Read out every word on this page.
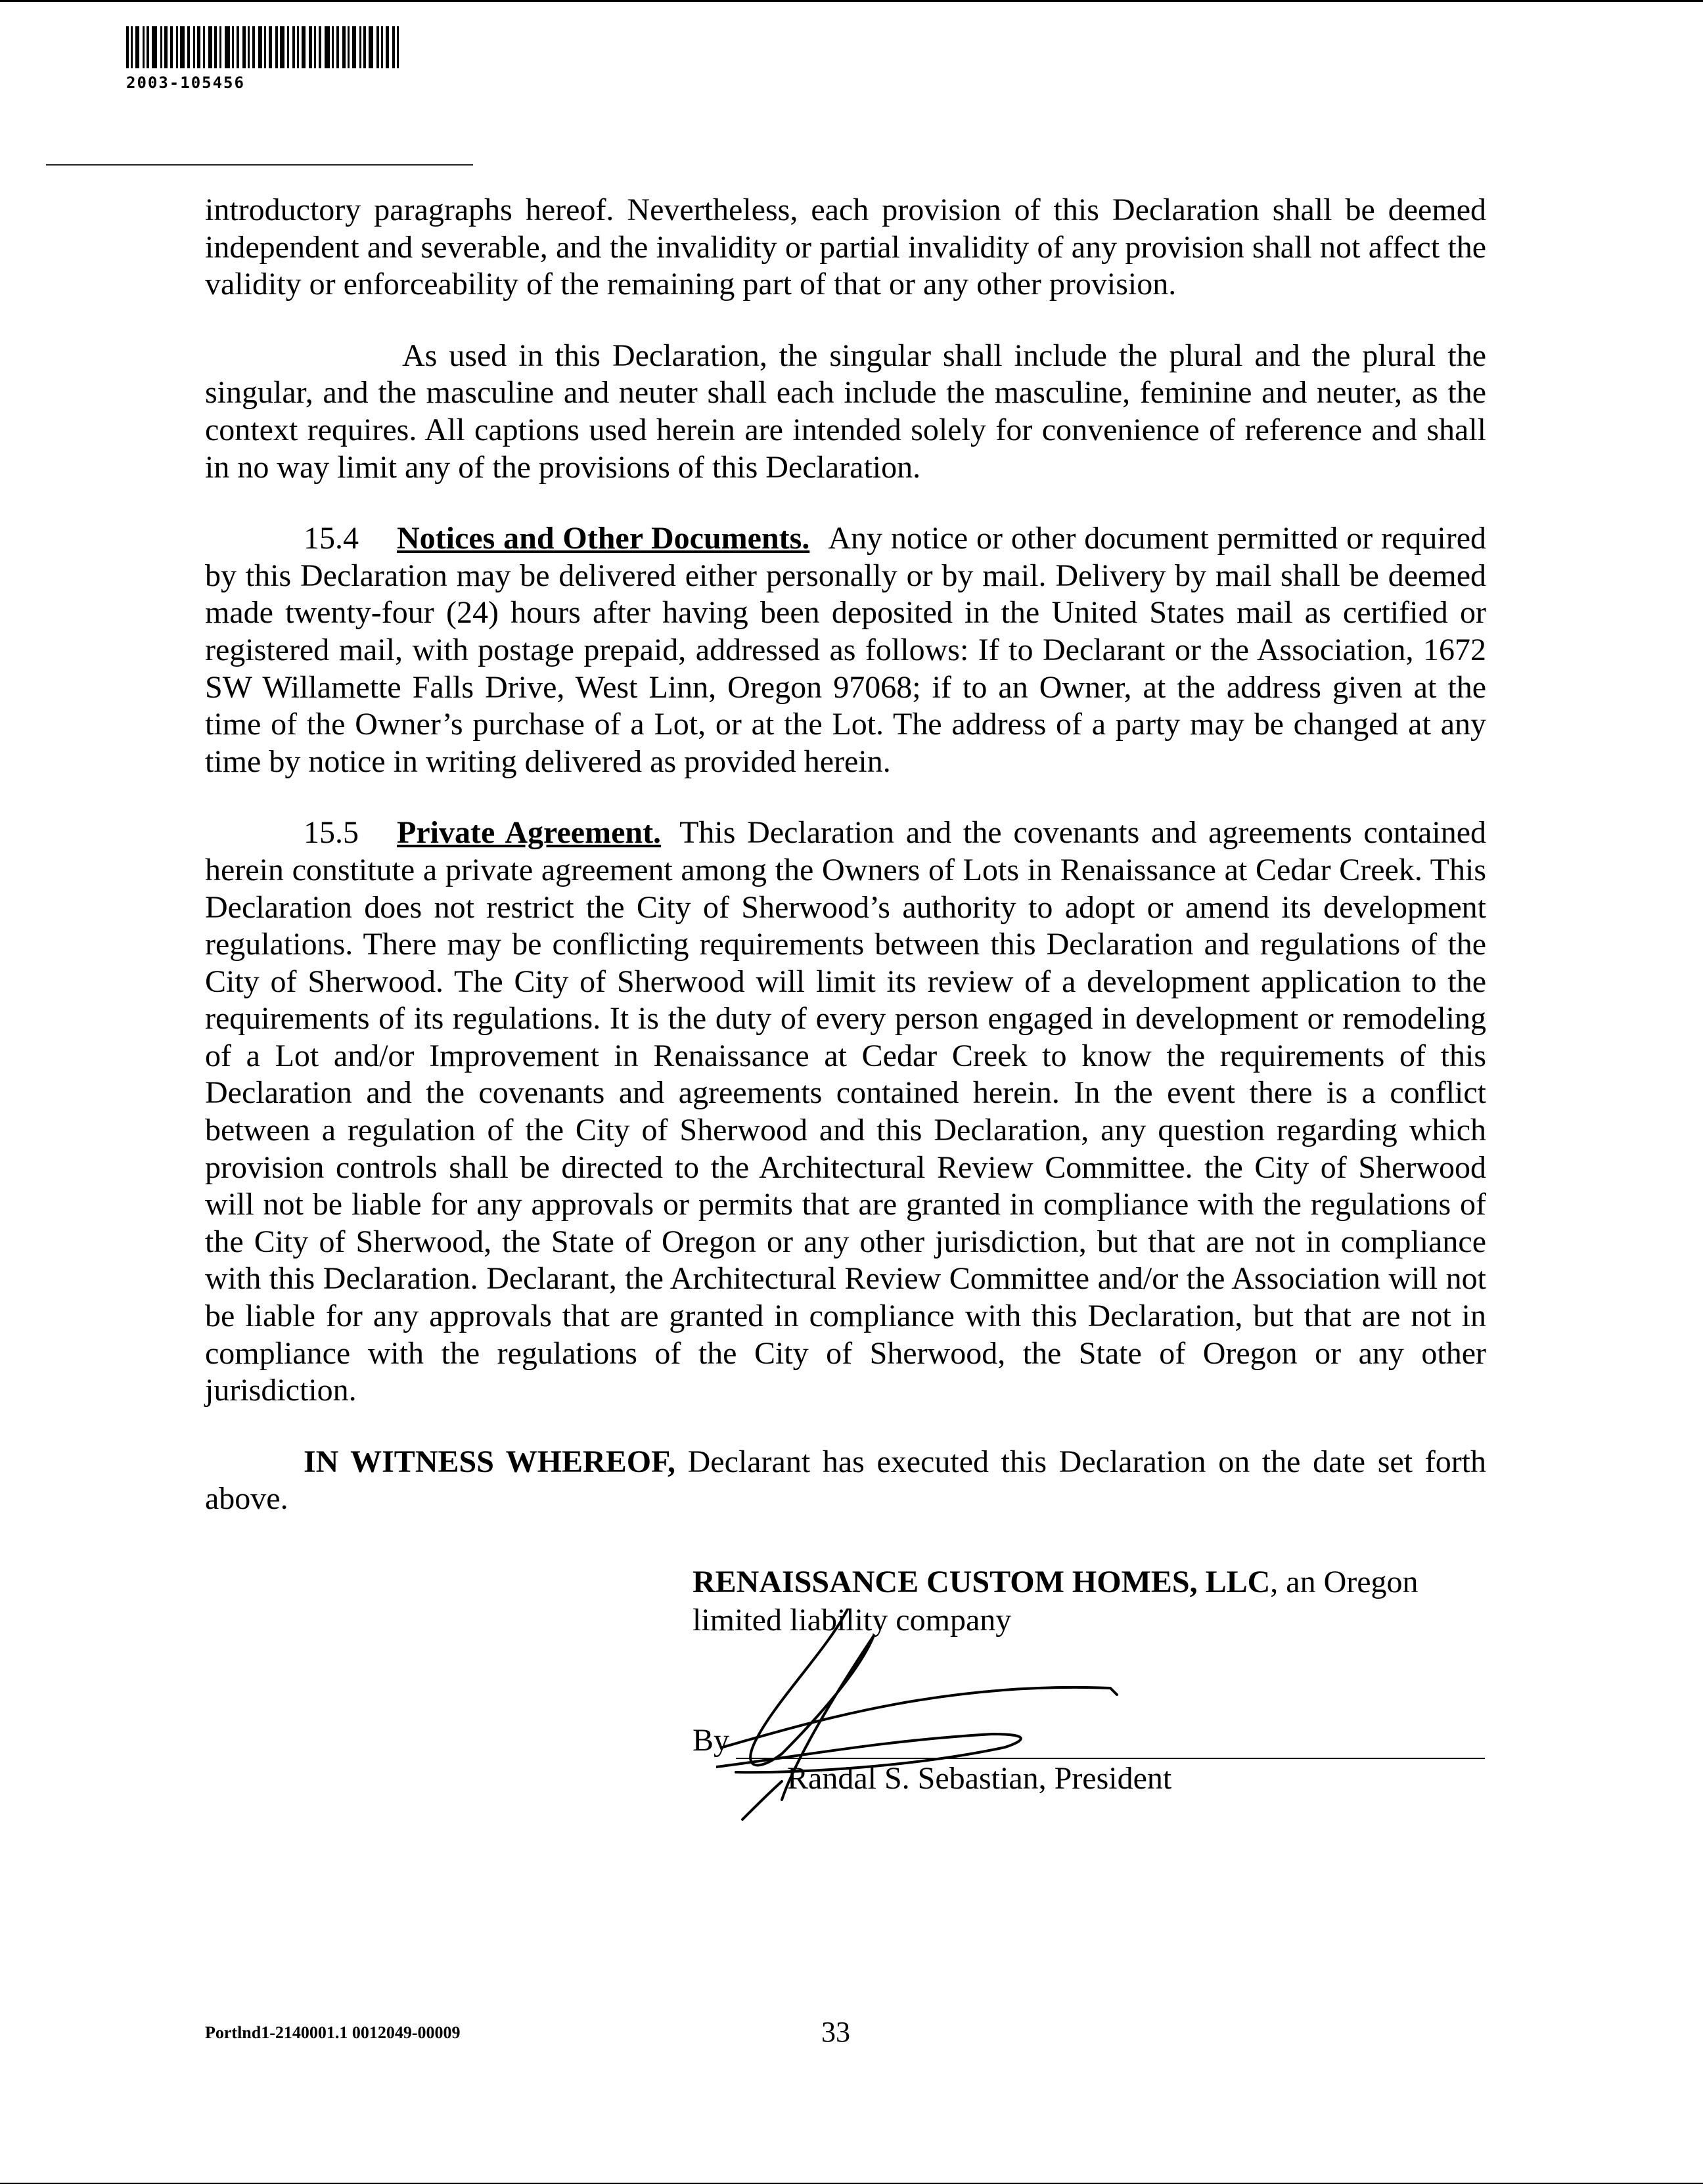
2003-105456

introductory paragraphs hereof. Nevertheless, each provision of this Declaration shall be deemed independent and severable, and the invalidity or partial invalidity of any provision shall not affect the validity or enforceability of the remaining part of that or any other provision.

As used in this Declaration, the singular shall include the plural and the plural the singular, and the masculine and neuter shall each include the masculine, feminine and neuter, as the context requires. All captions used herein are intended solely for convenience of reference and shall in no way limit any of the provisions of this Declaration.

15.4 Notices and Other Documents. Any notice or other document permitted or required by this Declaration may be delivered either personally or by mail. Delivery by mail shall be deemed made twenty-four (24) hours after having been deposited in the United States mail as certified or registered mail, with postage prepaid, addressed as follows: If to Declarant or the Association, 1672 SW Willamette Falls Drive, West Linn, Oregon 97068; if to an Owner, at the address given at the time of the Owner’s purchase of a Lot, or at the Lot. The address of a party may be changed at any time by notice in writing delivered as provided herein.

15.5 Private Agreement. This Declaration and the covenants and agreements contained herein constitute a private agreement among the Owners of Lots in Renaissance at Cedar Creek. This Declaration does not restrict the City of Sherwood’s authority to adopt or amend its development regulations. There may be conflicting requirements between this Declaration and regulations of the City of Sherwood. The City of Sherwood will limit its review of a development application to the requirements of its regulations. It is the duty of every person engaged in development or remodeling of a Lot and/or Improvement in Renaissance at Cedar Creek to know the requirements of this Declaration and the covenants and agreements contained herein. In the event there is a conflict between a regulation of the City of Sherwood and this Declaration, any question regarding which provision controls shall be directed to the Architectural Review Committee. the City of Sherwood will not be liable for any approvals or permits that are granted in compliance with the regulations of the City of Sherwood, the State of Oregon or any other jurisdiction, but that are not in compliance with this Declaration. Declarant, the Architectural Review Committee and/or the Association will not be liable for any approvals that are granted in compliance with this Declaration, but that are not in compliance with the regulations of the City of Sherwood, the State of Oregon or any other jurisdiction.

IN WITNESS WHEREOF, Declarant has executed this Declaration on the date set forth above.

RENAISSANCE CUSTOM HOMES, LLC, an Oregon limited liability company
By
Randal S. Sebastian, President
Portlnd1-2140001.1 0012049-00009	33
